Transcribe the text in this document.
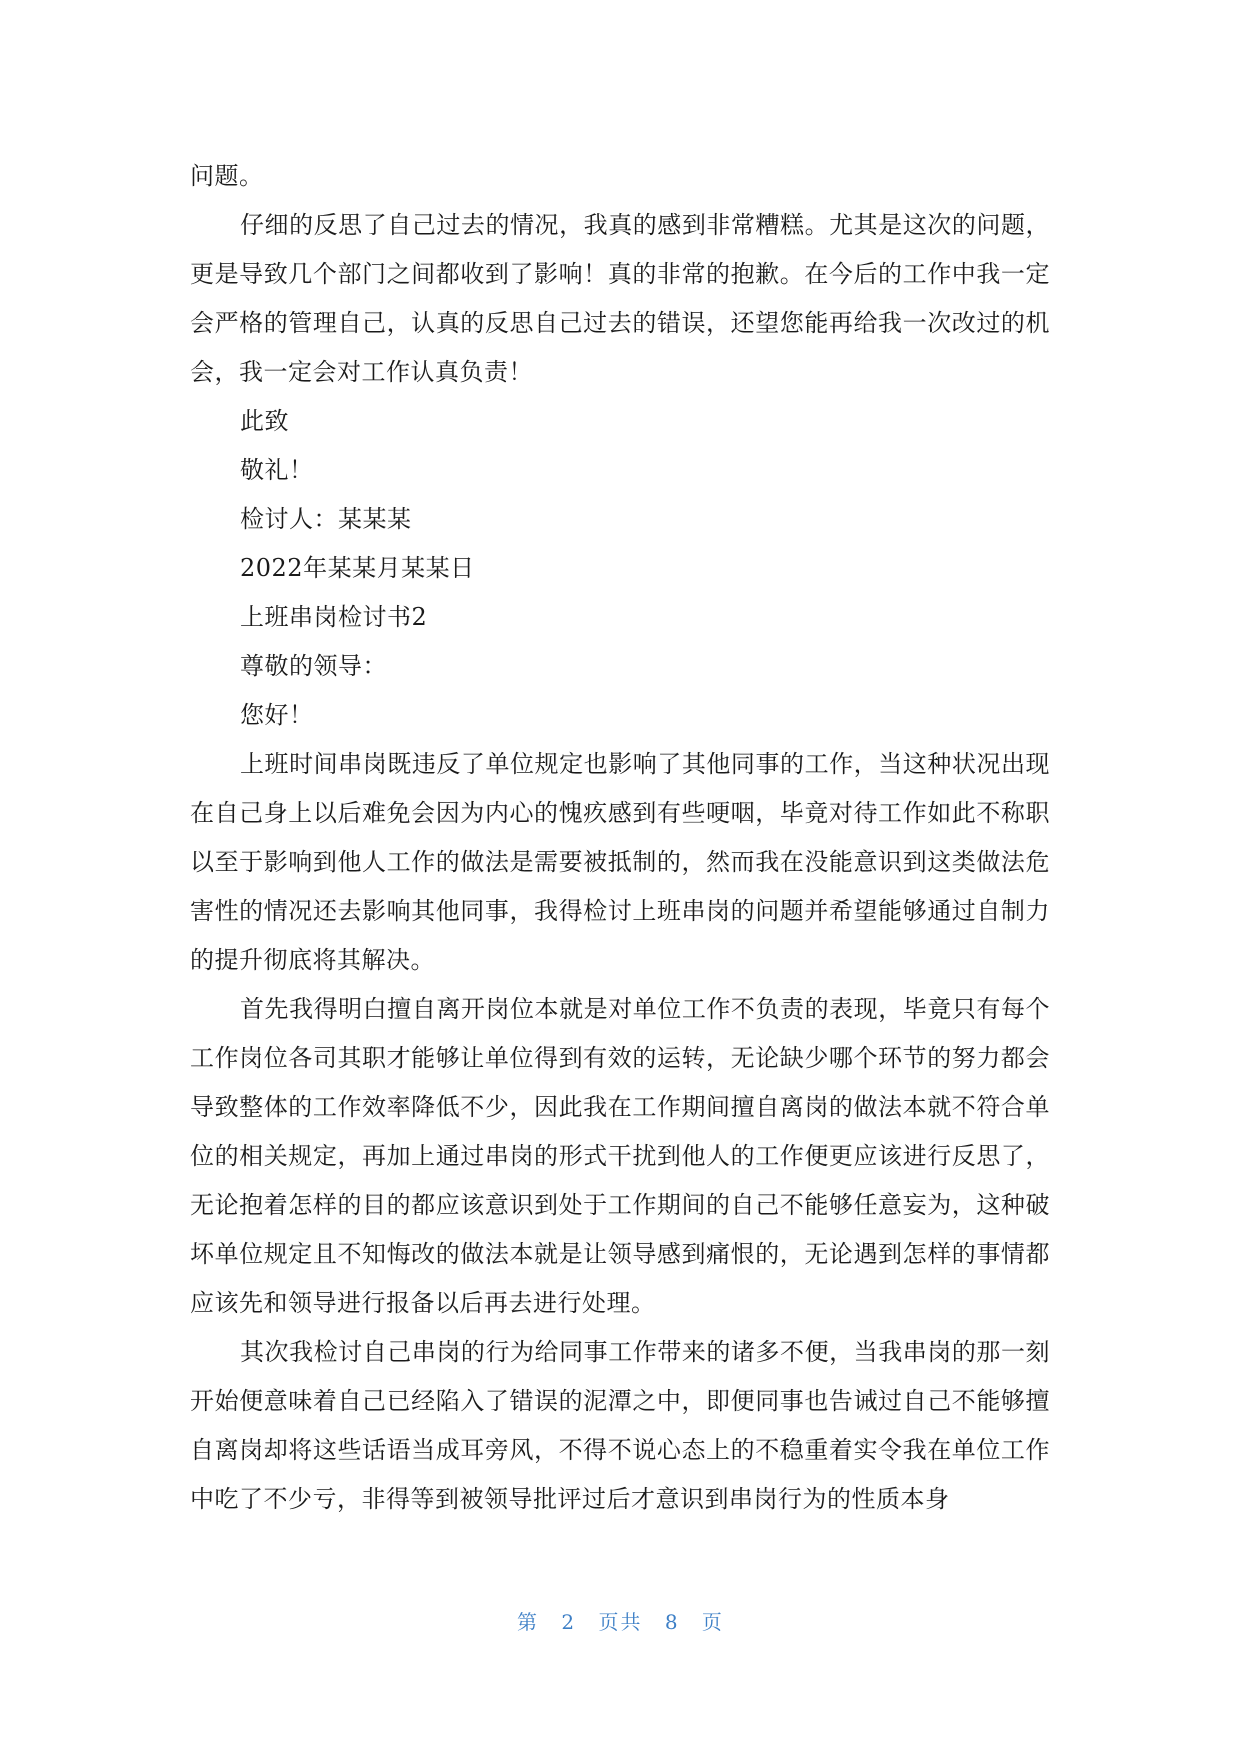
问题。

仔细的反思了自己过去的情况，我真的感到非常糟糕。尤其是这次的问题，更是导致几个部门之间都收到了影响！真的非常的抱歉。在今后的工作中我一定会严格的管理自己，认真的反思自己过去的错误，还望您能再给我一次改过的机会，我一定会对工作认真负责！

此致

敬礼！

检讨人：某某某

2022年某某月某某日

上班串岗检讨书2

尊敬的领导：

您好！

上班时间串岗既违反了单位规定也影响了其他同事的工作，当这种状况出现在自己身上以后难免会因为内心的愧疚感到有些哽咽，毕竟对待工作如此不称职以至于影响到他人工作的做法是需要被抵制的，然而我在没能意识到这类做法危害性的情况还去影响其他同事，我得检讨上班串岗的问题并希望能够通过自制力的提升彻底将其解决。

首先我得明白擅自离开岗位本就是对单位工作不负责的表现，毕竟只有每个工作岗位各司其职才能够让单位得到有效的运转，无论缺少哪个环节的努力都会导致整体的工作效率降低不少，因此我在工作期间擅自离岗的做法本就不符合单位的相关规定，再加上通过串岗的形式干扰到他人的工作便更应该进行反思了，无论抱着怎样的目的都应该意识到处于工作期间的自己不能够任意妄为，这种破坏单位规定且不知悔改的做法本就是让领导感到痛恨的，无论遇到怎样的事情都应该先和领导进行报备以后再去进行处理。

其次我检讨自己串岗的行为给同事工作带来的诸多不便，当我串岗的那一刻开始便意味着自己已经陷入了错误的泥潭之中，即便同事也告诫过自己不能够擅自离岗却将这些话语当成耳旁风，不得不说心态上的不稳重着实令我在单位工作中吃了不少亏，非得等到被领导批评过后才意识到串岗行为的性质本身

第 2 页共 8 页
